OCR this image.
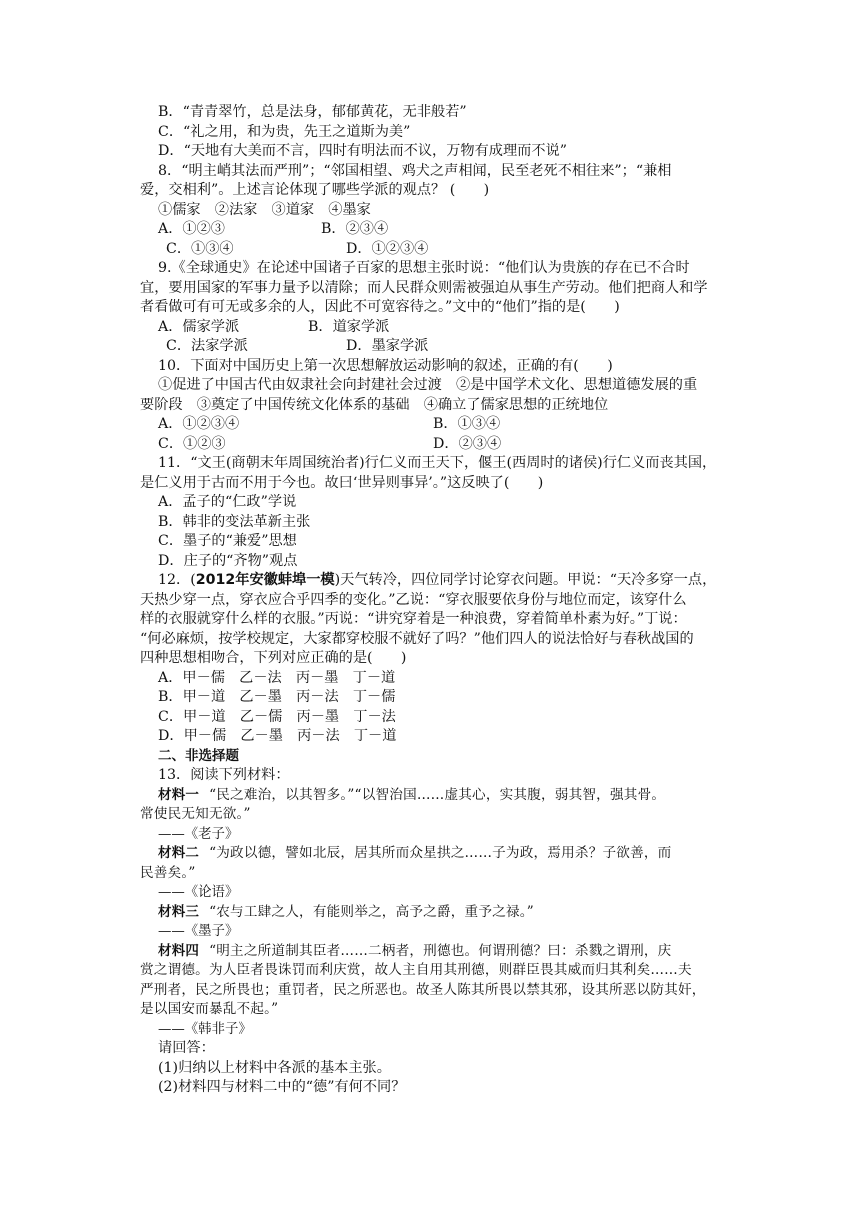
B．“青青翠竹，总是法身，郁郁黄花，无非般若”
C．“礼之用，和为贵，先王之道斯为美”
D．“天地有大美而不言，四时有明法而不议，万物有成理而不说”
8．“明主峭其法而严刑”；“邻国相望、鸡犬之声相闻，民至老死不相往来”；“兼相
爱，交相利”。上述言论体现了哪些学派的观点？ (　　)
①儒家　②法家　③道家　④墨家
A．①②③	B．②③④
C．①③④	D．①②③④
9.《全球通史》在论述中国诸子百家的思想主张时说：“他们认为贵族的存在已不合时
宜，要用国家的军事力量予以清除；而人民群众则需被强迫从事生产劳动。他们把商人和学
者看做可有可无或多余的人，因此不可宽容待之。”文中的“他们”指的是(　　)
A．儒家学派	B．道家学派
C．法家学派	D．墨家学派
10．下面对中国历史上第一次思想解放运动影响的叙述，正确的有(　　)
①促进了中国古代由奴隶社会向封建社会过渡　②是中国学术文化、思想道德发展的重
要阶段　③奠定了中国传统文化体系的基础　④确立了儒家思想的正统地位
A．①②③④	B．①③④
C．①②③	D．②③④
11．“文王(商朝末年周国统治者)行仁义而王天下，偃王(西周时的诸侯)行仁义而丧其国，
是仁义用于古而不用于今也。故曰‘世异则事异’。”这反映了(　　)
A．孟子的“仁政”学说
B．韩非的变法革新主张
C．墨子的“兼爱”思想
D．庄子的“齐物”观点
12．(2012年安徽蚌埠一模)天气转冷，四位同学讨论穿衣问题。甲说：“天冷多穿一点，
天热少穿一点，穿衣应合乎四季的变化。”乙说：“穿衣服要依身份与地位而定，该穿什么
样的衣服就穿什么样的衣服。”丙说：“讲究穿着是一种浪费，穿着简单朴素为好。”丁说：
“何必麻烦，按学校规定，大家都穿校服不就好了吗？”他们四人的说法恰好与春秋战国的
四种思想相吻合，下列对应正确的是(　　)
A．甲－儒　乙－法　丙－墨　丁－道
B．甲－道　乙－墨　丙－法　丁－儒
C．甲－道　乙－儒　丙－墨　丁－法
D．甲－儒　乙－墨　丙－法　丁－道
二、非选择题
13．阅读下列材料：
材料一 “民之难治，以其智多。”“以智治国……虚其心，实其腹，弱其智，强其骨。
常使民无知无欲。”
——《老子》
材料二 “为政以德，譬如北辰，居其所而众星拱之……子为政，焉用杀？子欲善，而
民善矣。”
——《论语》
材料三 “农与工肆之人，有能则举之，高予之爵，重予之禄。”
——《墨子》
材料四 “明主之所道制其臣者……二柄者，刑德也。何谓刑德？曰：杀戮之谓刑，庆
赏之谓德。为人臣者畏诛罚而利庆赏，故人主自用其刑德，则群臣畏其威而归其利矣……夫
严刑者，民之所畏也；重罚者，民之所恶也。故圣人陈其所畏以禁其邪，设其所恶以防其奸，
是以国安而暴乱不起。”
——《韩非子》
请回答：
(1)归纳以上材料中各派的基本主张。
(2)材料四与材料二中的“德”有何不同？
